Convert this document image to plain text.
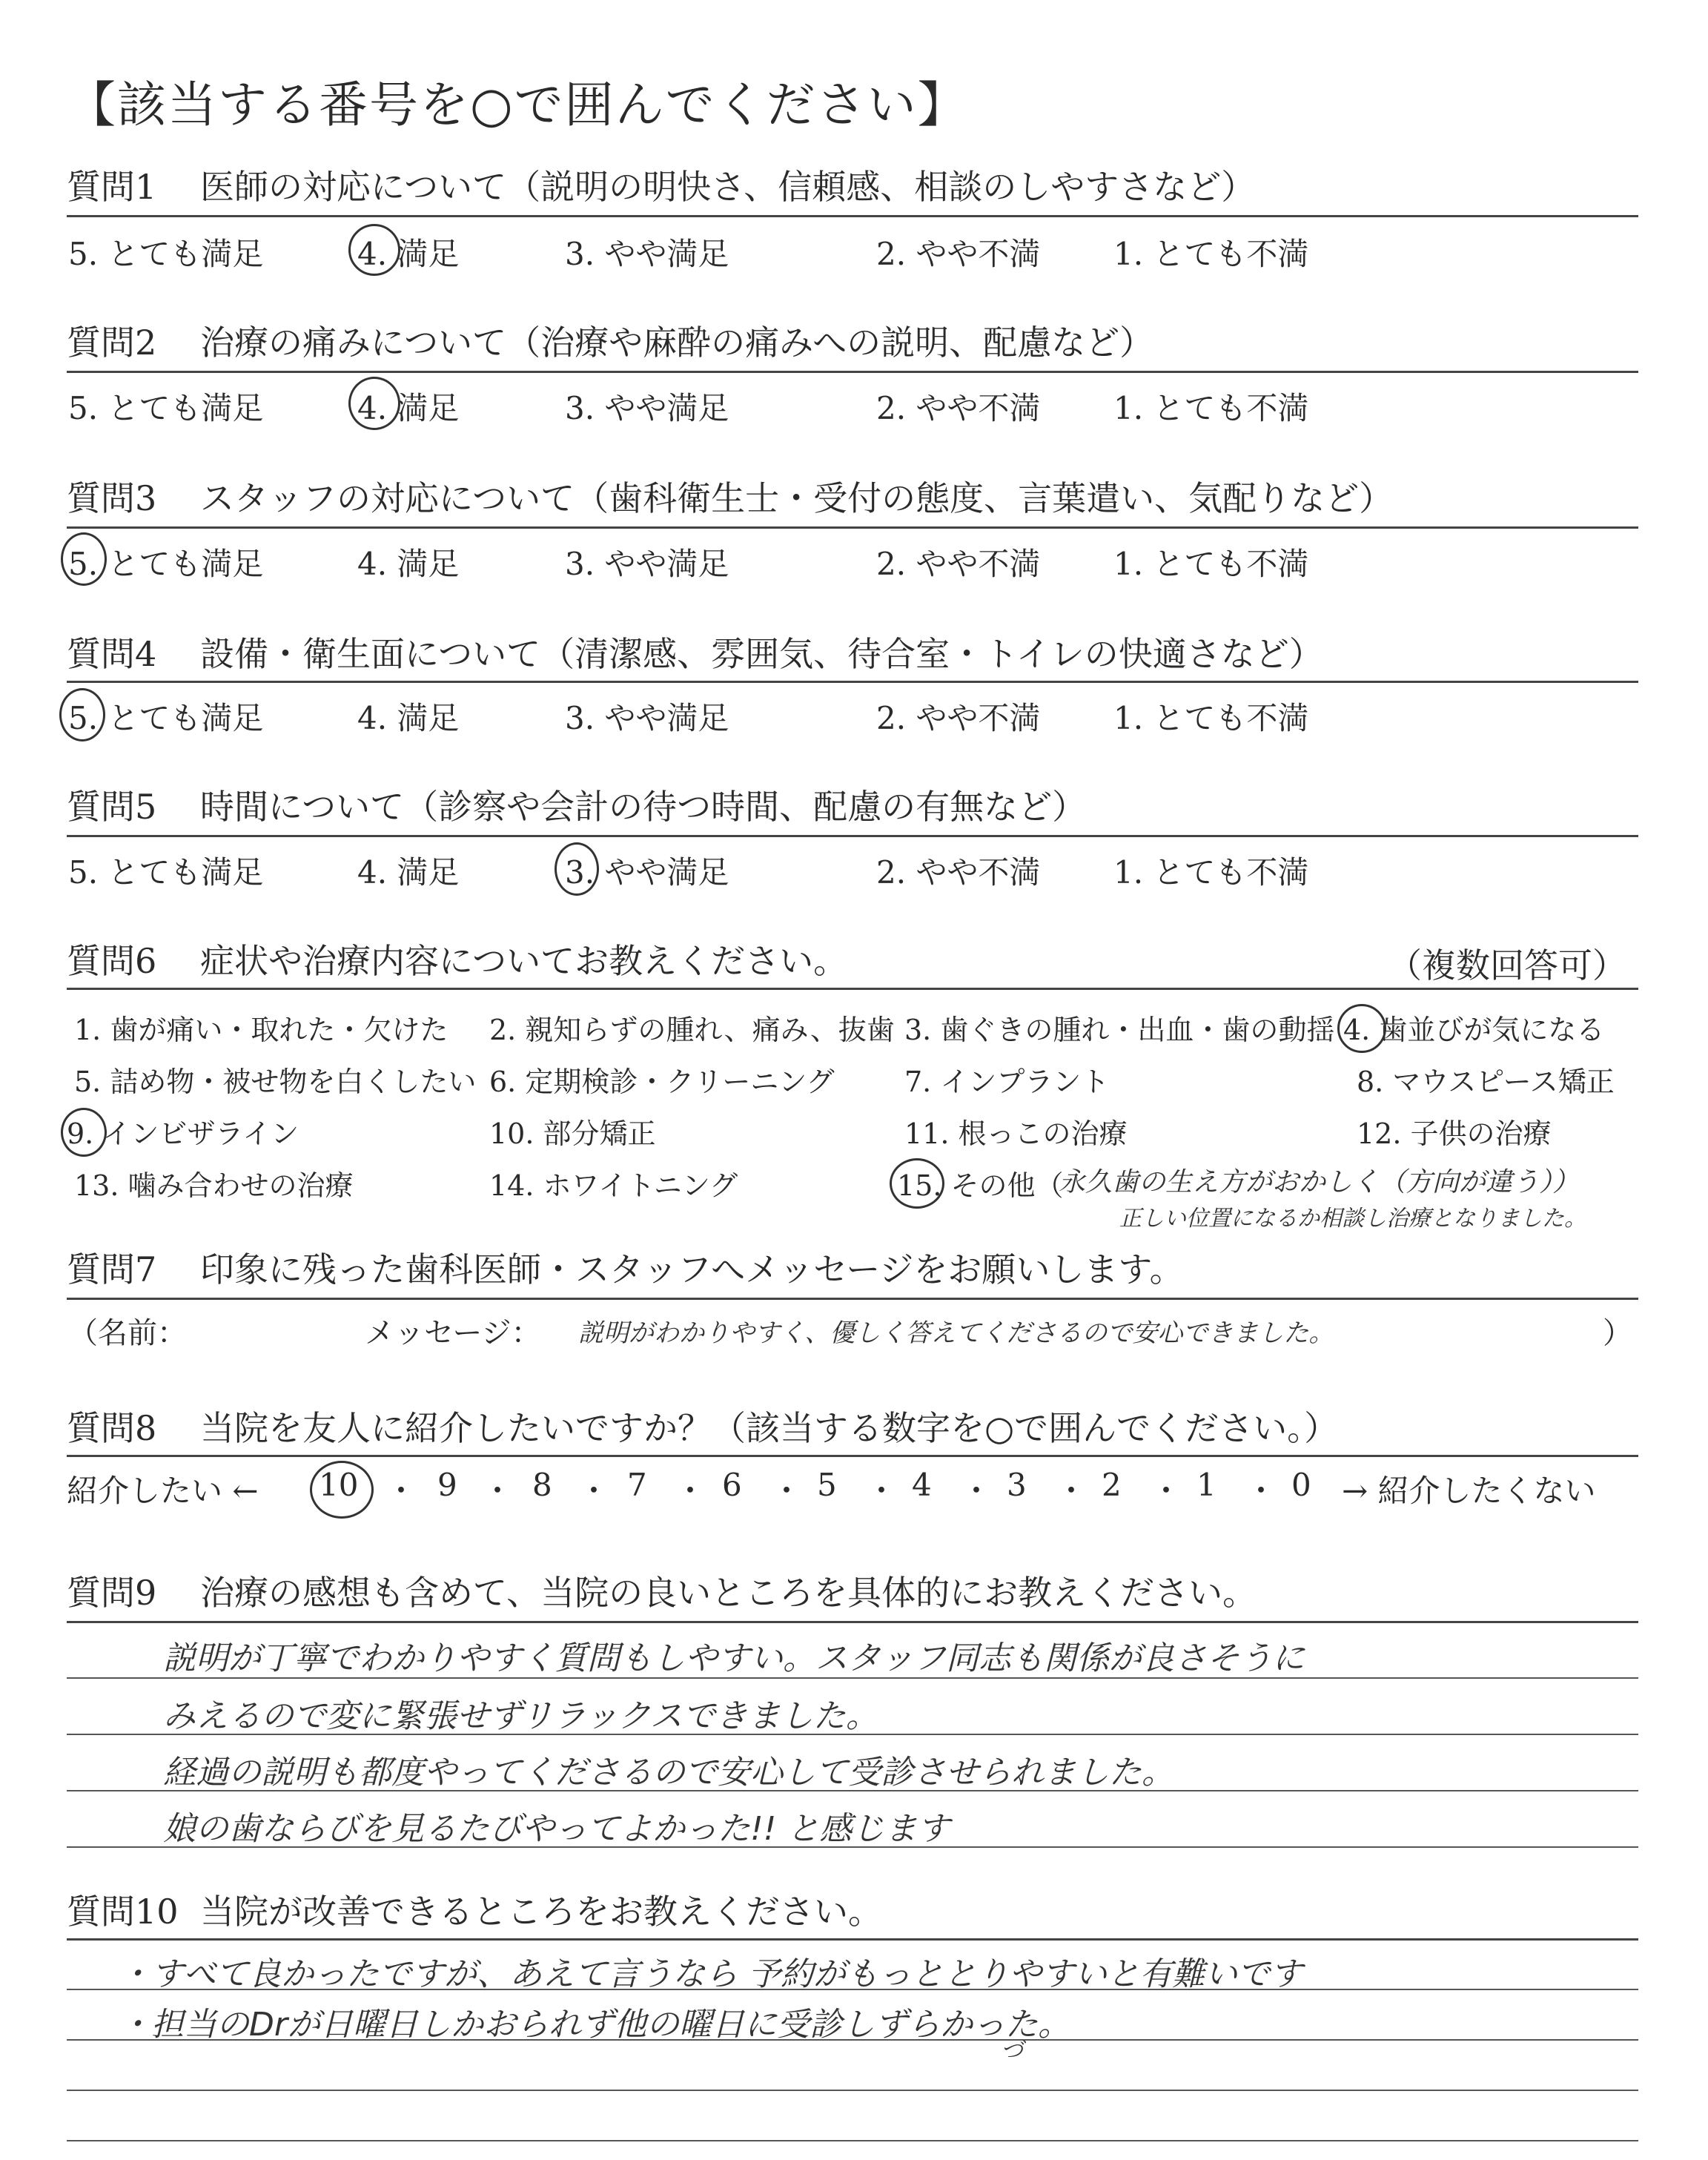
【該当する番号を○で囲んでください】
質問1 医師の対応について（説明の明快さ、信頼感、相談のしやすさなど）
5. とても満足	4. 満足	3. やや満足	2. やや不満 1. とても不満
質問2 治療の痛みについて（治療や麻酔の痛みへの説明、配慮など）
5. とても満足	4. 満足	3. やや満足	2. やや不満 1. とても不満
質問3 スタッフの対応について（歯科衛生士・受付の態度、言葉遣い、気配りなど）
5. とても満足	4. 満足	3. やや満足	2. やや不満 1. とても不満
質問4 設備・衛生面について（清潔感、雰囲気、待合室・トイレの快適さなど）
5. とても満足	4. 満足	3. やや満足	2. やや不満 1. とても不満
質問5 時間について（診察や会計の待つ時間、配慮の有無など）
5. とても満足	4. 満足	3. やや満足	2. やや不満 1. とても不満
質問6 症状や治療内容についてお教えください。	（複数回答可）
1. 歯が痛い・取れた・欠けた 2. 親知らずの腫れ、痛み、抜歯 3. 歯ぐきの腫れ・出血・歯の動揺 4. 歯並びが気になる
5. 詰め物・被せ物を白くしたい 6. 定期検診・クリーニング 7. インプラント	8. マウスピース矯正
9. インビザライン	10. 部分矯正	11. 根っこの治療	12. 子供の治療
13. 噛み合わせの治療	14. ホワイトニング	15. その他（
永久歯の生え方がおかしく（方向が違う））
正しい位置になるか相談し治療となりました。
質問7 印象に残った歯科医師・スタッフへメッセージをお願いします。
（名前：	メッセージ：	）
説明がわかりやすく、優しく答えてくださるので安心できました。
質問8 当院を友人に紹介したいですか？（該当する数字を○で囲んでください。）
紹介したい ← 10 ・ 9 ・ 8 ・ 7 ・ 6 ・ 5 ・ 4 ・ 3 ・ 2 ・ 1 ・ 0 → 紹介したくない
質問9 治療の感想も含めて、当院の良いところを具体的にお教えください。
説明が丁寧でわかりやすく質問もしやすい。スタッフ同志も関係が良さそうに
みえるので変に緊張せずリラックスできました。
経過の説明も都度やってくださるので安心して受診させられました。
娘の歯ならびを見るたびやってよかった!! と感じます
質問10 当院が改善できるところをお教えください。
・すべて良かったですが、あえて言うなら 予約がもっととりやすいと有難いです
・担当のDrが日曜日しかおられず他の曜日に受診しずらかった。
づ
